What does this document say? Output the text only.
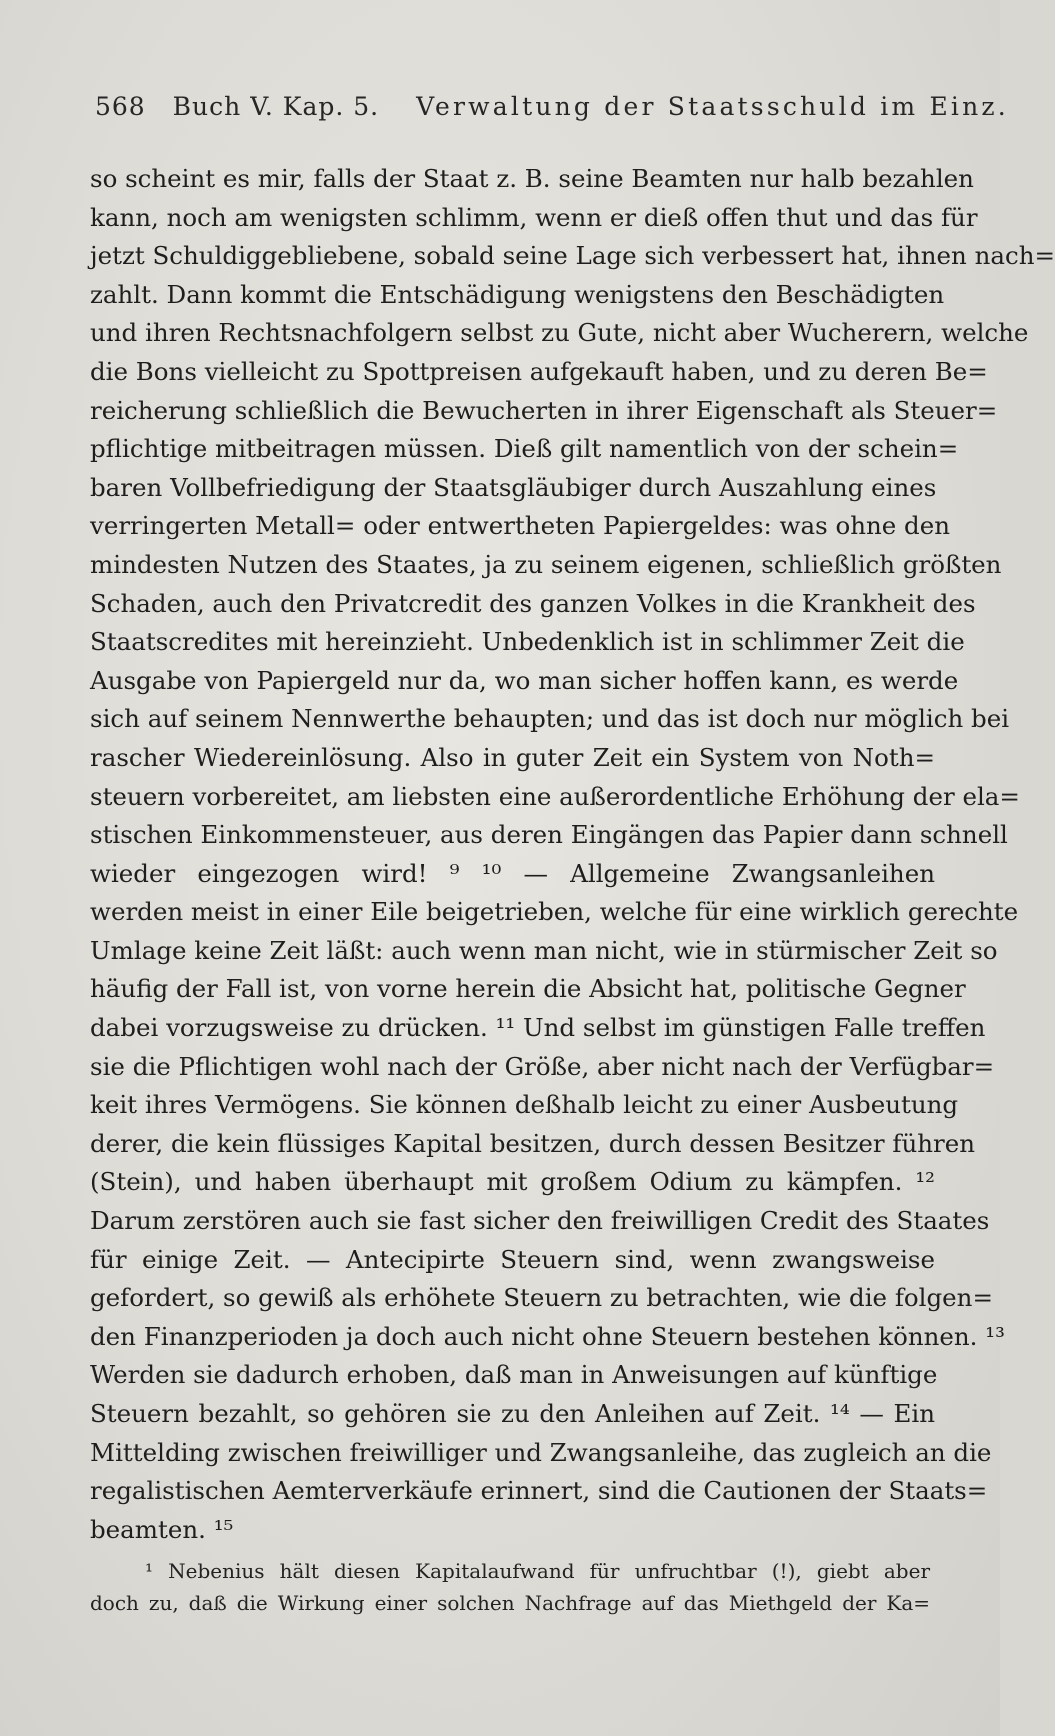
568 Buch V. Kap. 5. Verwaltung der Staatsschuld im Einz.
so scheint es mir, falls der Staat z. B. seine Beamten nur halb bezahlen
kann, noch am wenigsten schlimm, wenn er dieß offen thut und das für
jetzt Schuldiggebliebene, sobald seine Lage sich verbessert hat, ihnen nach=
zahlt. Dann kommt die Entschädigung wenigstens den Beschädigten
und ihren Rechtsnachfolgern selbst zu Gute, nicht aber Wucherern, welche
die Bons vielleicht zu Spottpreisen aufgekauft haben, und zu deren Be=
reicherung schließlich die Bewucherten in ihrer Eigenschaft als Steuer=
pflichtige mitbeitragen müssen. Dieß gilt namentlich von der schein=
baren Vollbefriedigung der Staatsgläubiger durch Auszahlung eines
verringerten Metall= oder entwertheten Papiergeldes: was ohne den
mindesten Nutzen des Staates, ja zu seinem eigenen, schließlich größten
Schaden, auch den Privatcredit des ganzen Volkes in die Krankheit des
Staatscredites mit hereinzieht. Unbedenklich ist in schlimmer Zeit die
Ausgabe von Papiergeld nur da, wo man sicher hoffen kann, es werde
sich auf seinem Nennwerthe behaupten; und das ist doch nur möglich bei
rascher Wiedereinlösung. Also in guter Zeit ein System von Noth=
steuern vorbereitet, am liebsten eine außerordentliche Erhöhung der ela=
stischen Einkommensteuer, aus deren Eingängen das Papier dann schnell
wieder eingezogen wird! ⁹ ¹⁰ — Allgemeine Zwangsanleihen
werden meist in einer Eile beigetrieben, welche für eine wirklich gerechte
Umlage keine Zeit läßt: auch wenn man nicht, wie in stürmischer Zeit so
häufig der Fall ist, von vorne herein die Absicht hat, politische Gegner
dabei vorzugsweise zu drücken. ¹¹ Und selbst im günstigen Falle treffen
sie die Pflichtigen wohl nach der Größe, aber nicht nach der Verfügbar=
keit ihres Vermögens. Sie können deßhalb leicht zu einer Ausbeutung
derer, die kein flüssiges Kapital besitzen, durch dessen Besitzer führen
(Stein), und haben überhaupt mit großem Odium zu kämpfen. ¹²
Darum zerstören auch sie fast sicher den freiwilligen Credit des Staates
für einige Zeit. — Antecipirte Steuern sind, wenn zwangsweise
gefordert, so gewiß als erhöhete Steuern zu betrachten, wie die folgen=
den Finanzperioden ja doch auch nicht ohne Steuern bestehen können. ¹³
Werden sie dadurch erhoben, daß man in Anweisungen auf künftige
Steuern bezahlt, so gehören sie zu den Anleihen auf Zeit. ¹⁴ — Ein
Mittelding zwischen freiwilliger und Zwangsanleihe, das zugleich an die
regalistischen Aemterverkäufe erinnert, sind die Cautionen der Staats=
beamten. ¹⁵
¹ Nebenius hält diesen Kapitalaufwand für unfruchtbar (!), giebt aber
doch zu, daß die Wirkung einer solchen Nachfrage auf das Miethgeld der Ka=
